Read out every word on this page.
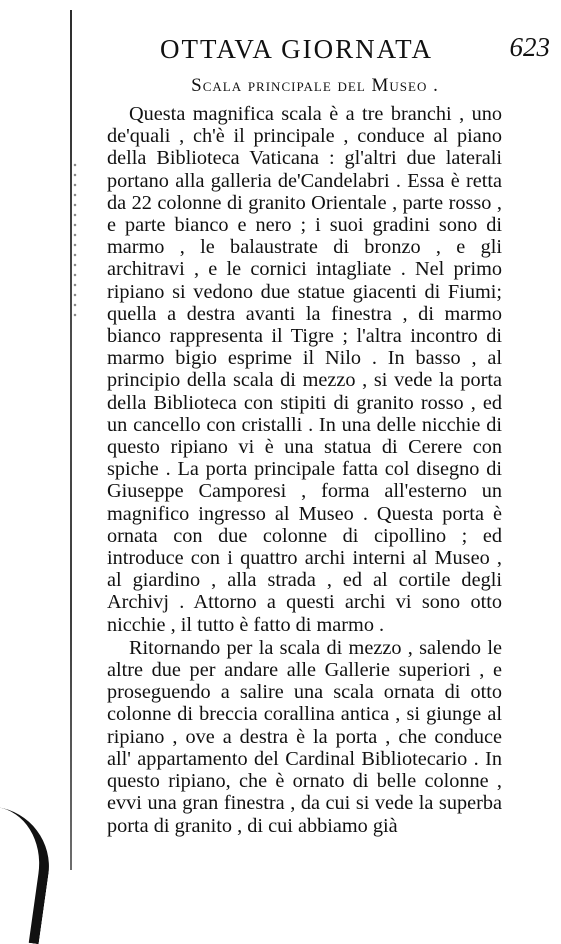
OTTAVA GIORNATA	623
Scala principale del Museo .

Questa magnifica scala è a tre branchi , uno de'quali , ch'è il principale , conduce al piano della Biblioteca Vaticana : gl'altri due laterali portano alla galleria de'Candelabri . Essa è retta da 22 colonne di granito Orientale , parte rosso , e parte bianco e nero ; i suoi gradini sono di marmo , le balaustrate di bronzo , e gli architravi , e le cornici intagliate . Nel primo ripiano si vedono due statue giacenti di Fiumi; quella a destra avanti la finestra , di marmo bianco rappresenta il Tigre ; l'altra incontro di marmo bigio esprime il Nilo . In basso , al principio della scala di mezzo , si vede la porta della Biblioteca con stipiti di granito rosso , ed un cancello con cristalli . In una delle nicchie di questo ripiano vi è una statua di Cerere con spiche . La porta principale fatta col disegno di Giuseppe Camporesi , forma all'esterno un magnifico ingresso al Museo . Questa porta è ornata con due colonne di cipollino ; ed introduce con i quattro archi interni al Museo , al giardino , alla strada , ed al cortile degli Archivj . Attorno a questi archi vi sono otto nicchie , il tutto è fatto di marmo .

Ritornando per la scala di mezzo , salendo le altre due per andare alle Gallerie superiori , e proseguendo a salire una scala ornata di otto colonne di breccia corallina antica , si giunge al ripiano , ove a destra è la porta , che conduce all' appartamento del Cardinal Bibliotecario . In questo ripiano, che è ornato di belle colonne , evvi una gran finestra , da cui si vede la superba porta di granito , di cui abbiamo già
